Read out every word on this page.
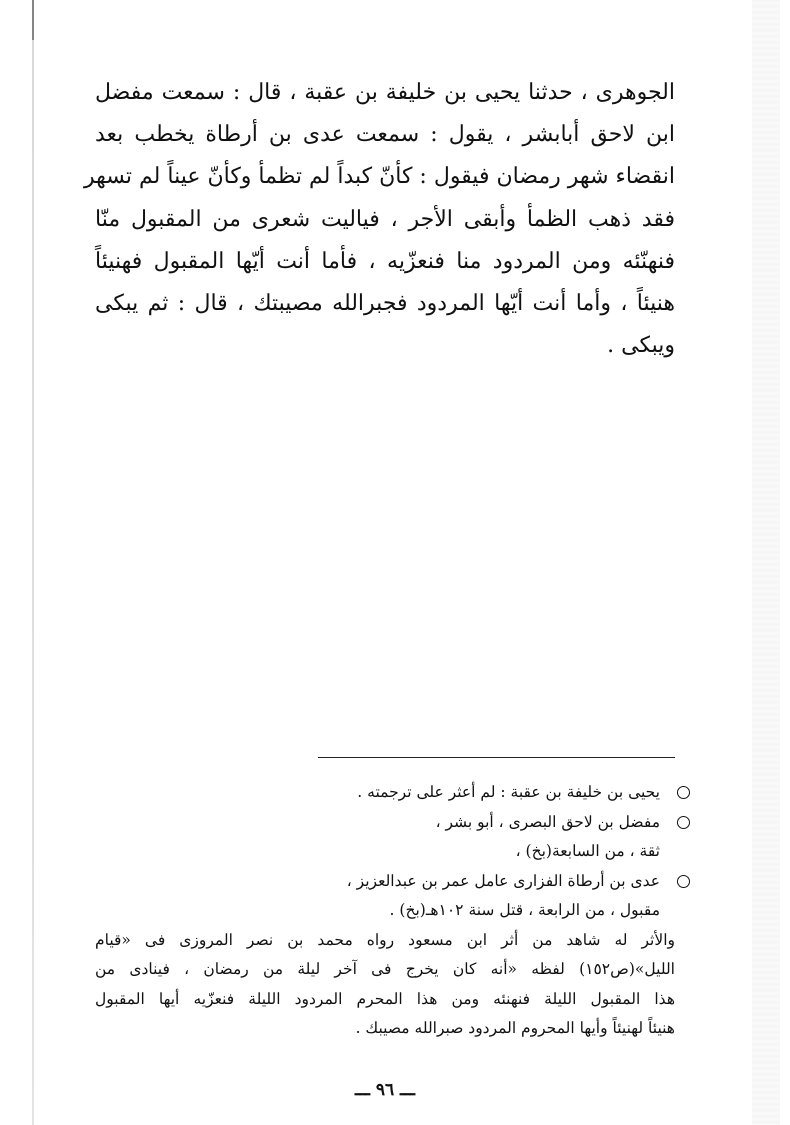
الجوهرى ، حدثنا يحيى بن خليفة بن عقبة ، قال : سمعت مفضل
ابن لاحق أبابشر ، يقول : سمعت عدى بن أرطاة يخطب بعد
انقضاء شهر رمضان فيقول : كأنّ كبداً لم تظمأ وكأنّ عيناً لم تسهر
فقد ذهب الظمأ وأبقى الأجر ، فياليت شعرى من المقبول منّا
فنهنّئه ومن المردود منا فنعزّيه ، فأما أنت أيّها المقبول فهنيئاً
هنيئاً ، وأما أنت أيّها المردود فجبرالله مصيبتك ، قال : ثم يبكى
ويبكى .
يحيى بن خليفة بن عقبة : لم أعثر على ترجمته .
مفضل بن لاحق البصرى ، أبو بشر ،
ثقة ، من السابعة(بخ) ،
عدى بن أرطاة الفزارى عامل عمر بن عبدالعزيز ،
مقبول ، من الرابعة ، قتل سنة ١٠٢هـ(بخ) .
والأثر له شاهد من أثر ابن مسعود رواه محمد بن نصر المروزى فى «قيام
الليل»(ص١٥٢) لفظه «أنه كان يخرج فى آخر ليلة من رمضان ، فينادى من
هذا المقبول الليلة فنهنئه ومن هذا المحرم المردود الليلة فنعزّيه أيها المقبول
هنيئاً لهنيئاً وأيها المحروم المردود صبرالله مصيبك .
ـــ ٩٦ ـــ
